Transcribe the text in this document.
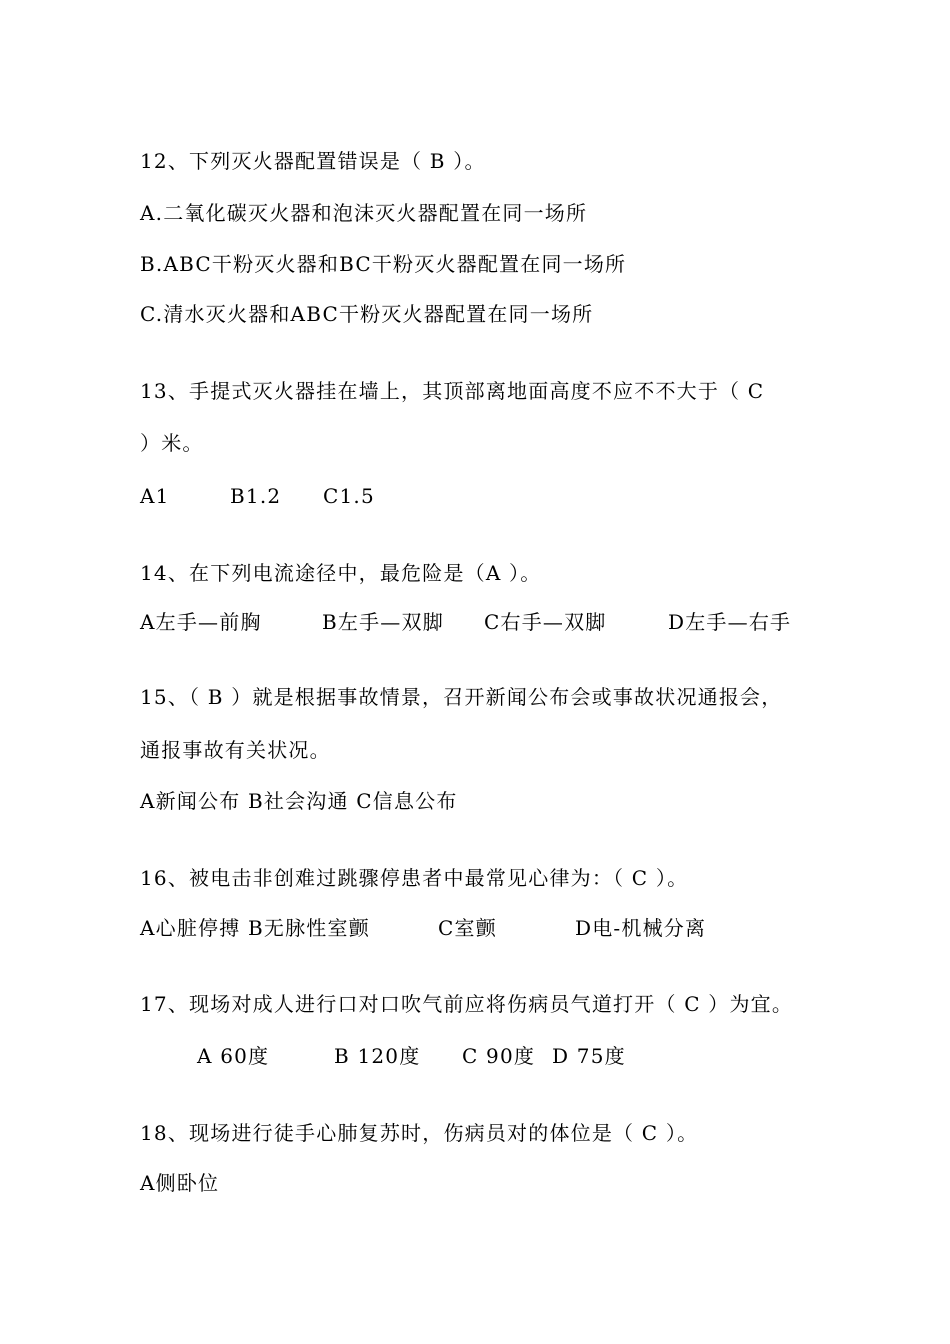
12、下列灭火器配置错误是（ B ）。
A.二氧化碳灭火器和泡沫灭火器配置在同一场所
B.ABC干粉灭火器和BC干粉灭火器配置在同一场所
C.清水灭火器和ABC干粉灭火器配置在同一场所
13、手提式灭火器挂在墙上，其顶部离地面高度不应不不大于（ C
）米。
A1	B1.2 C1.5
14、在下列电流途径中，最危险是（A ）。
A左手—前胸	B左手—双脚 C右手—双脚	D左手—右手
15、（ B ）就是根据事故情景，召开新闻公布会或事故状况通报会，
通报事故有关状况。
A新闻公布 B社会沟通 C信息公布
16、被电击非创难过跳骤停患者中最常见心律为：（ C ）。
A心脏停搏 B无脉性室颤	C室颤	D电-机械分离
17、现场对成人进行口对口吹气前应将伤病员气道打开（ C ）为宜。
A 60度	B 120度 C 90度 D 75度
18、现场进行徒手心肺复苏时，伤病员对的体位是（ C ）。
A侧卧位
